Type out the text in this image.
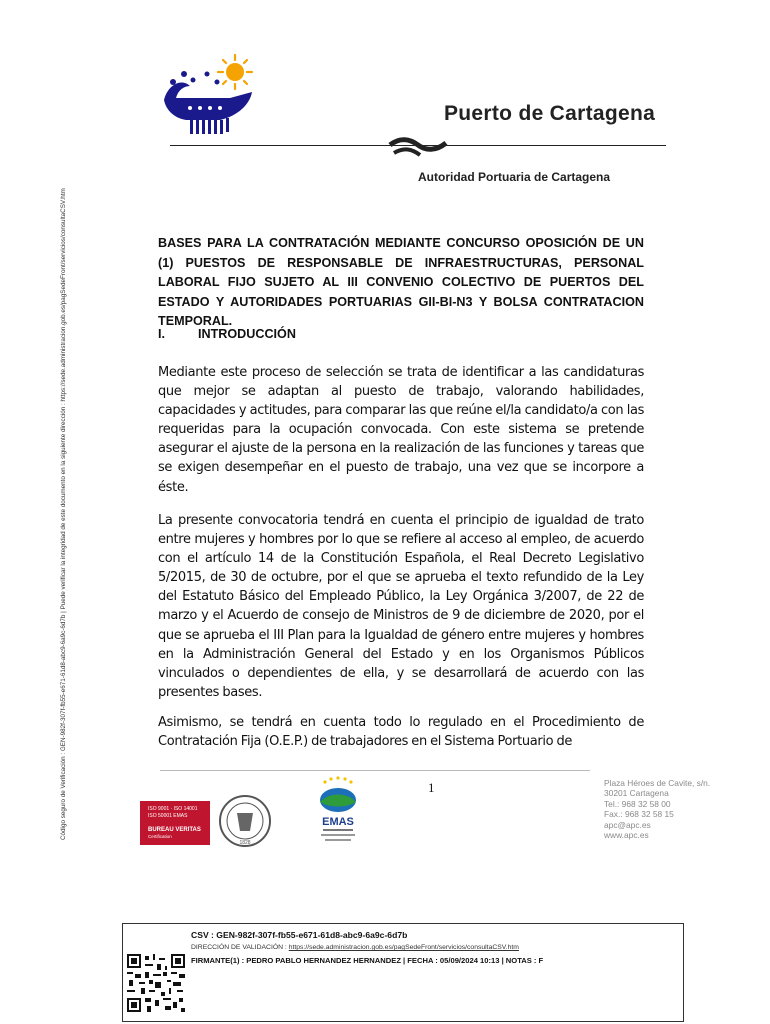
Código seguro de Verificación : GEN-982f-307f-fb55-e671-61d8-abc9-6a9c-6d7b | Puede verificar la integridad de este documento en la siguiente dirección : https://sede.administracion.gob.es/pagSedeFront/servicios/consultaCSV.htm
Puerto de Cartagena
Autoridad Portuaria de Cartagena
BASES PARA LA CONTRATACIÓN MEDIANTE CONCURSO OPOSICIÓN DE UN (1) PUESTOS DE RESPONSABLE DE INFRAESTRUCTURAS, PERSONAL LABORAL FIJO SUJETO AL III CONVENIO COLECTIVO DE PUERTOS DEL ESTADO Y AUTORIDADES PORTUARIAS GII-BI-N3 Y BOLSA CONTRATACION TEMPORAL.
I.	INTRODUCCIÓN
Mediante este proceso de selección se trata de identificar a las candidaturas que mejor se adaptan al puesto de trabajo, valorando habilidades, capacidades y actitudes, para comparar las que reúne el/la candidato/a con las requeridas para la ocupación convocada. Con este sistema se pretende asegurar el ajuste de la persona en la realización de las funciones y tareas que se exigen desempeñar en el puesto de trabajo, una vez que se incorpore a éste.
La presente convocatoria tendrá en cuenta el principio de igualdad de trato entre mujeres y hombres por lo que se refiere al acceso al empleo, de acuerdo con el artículo 14 de la Constitución Española, el Real Decreto Legislativo 5/2015, de 30 de octubre, por el que se aprueba el texto refundido de la Ley del Estatuto Básico del Empleado Público, la Ley Orgánica 3/2007, de 22 de marzo y el Acuerdo de consejo de Ministros de 9 de diciembre de 2020, por el que se aprueba el III Plan para la Igualdad de género entre mujeres y hombres en la Administración General del Estado y en los Organismos Públicos vinculados o dependientes de ella, y se desarrollará de acuerdo con las presentes bases.
Asimismo, se tendrá en cuenta todo lo regulado en el Procedimiento de Contratación Fija (O.E.P.) de trabajadores en el Sistema Portuario de
1	Plaza Héroes de Cavite, s/n.
30201 Cartagena
Tel.: 968 32 58 00
Fax.: 968 32 58 15
apc@apc.es
www.apc.es
ISO 9001 · ISO 14001
ISO 50001 EMAS
BUREAU VERITAS
Certification
1828
EMAS
CSV : GEN-982f-307f-fb55-e671-61d8-abc9-6a9c-6d7b
DIRECCIÓN DE VALIDACIÓN : https://sede.administracion.gob.es/pagSedeFront/servicios/consultaCSV.htm
FIRMANTE(1) : PEDRO PABLO HERNANDEZ HERNANDEZ | FECHA : 05/09/2024 10:13 | NOTAS : F
